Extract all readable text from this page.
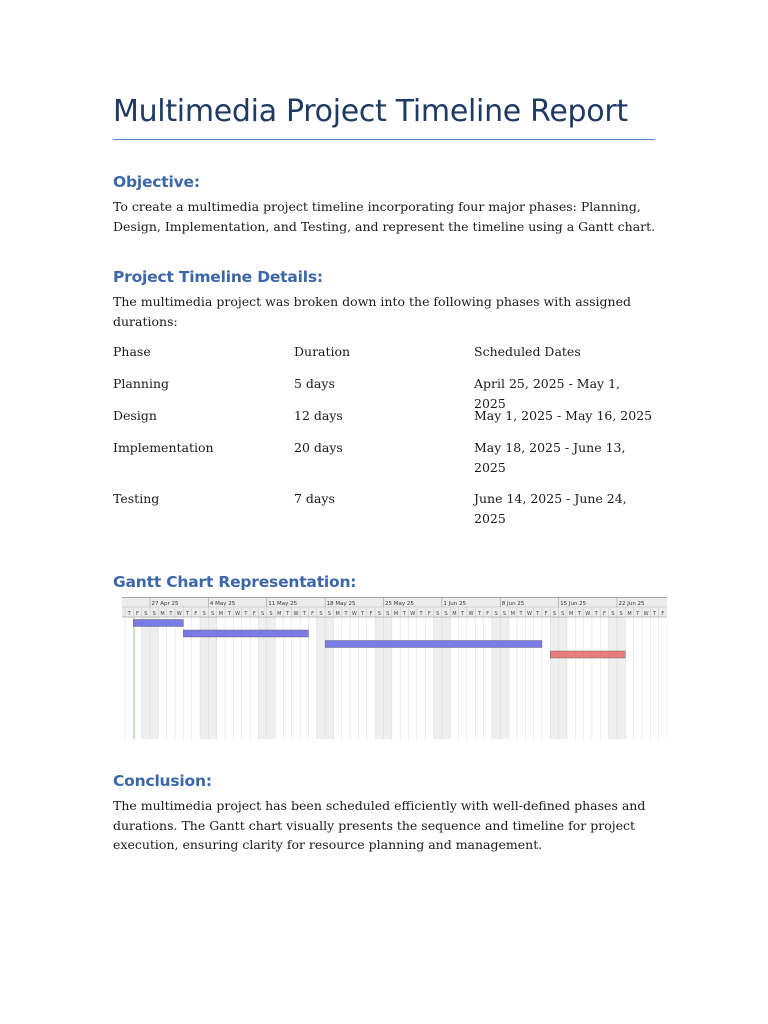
Multimedia Project Timeline Report
Objective:
To create a multimedia project timeline incorporating four major phases: Planning, Design, Implementation, and Testing, and represent the timeline using a Gantt chart.
Project Timeline Details:
The multimedia project was broken down into the following phases with assigned durations:
Phase	Duration	Scheduled Dates
Planning	5 days	April 25, 2025 - May 1, 2025
Design	12 days	May 1, 2025 - May 16, 2025
Implementation	20 days	May 18, 2025 - June 13, 2025
Testing	7 days	June 14, 2025 - June 24, 2025
Gantt Chart Representation:
T F S S M T W T F S S M T W T F S S M T W T F S S M T W T F S S M T W T F S S M T W T F S S M T W T F S S M T W T F S S M T W T F
27 Apr 25	4 May 25	11 May 25	18 May 25	25 May 25	1 Jun 25	8 Jun 25	15 Jun 25	22 Jun 25
Conclusion:
The multimedia project has been scheduled efficiently with well-defined phases and durations. The Gantt chart visually presents the sequence and timeline for project execution, ensuring clarity for resource planning and management.
